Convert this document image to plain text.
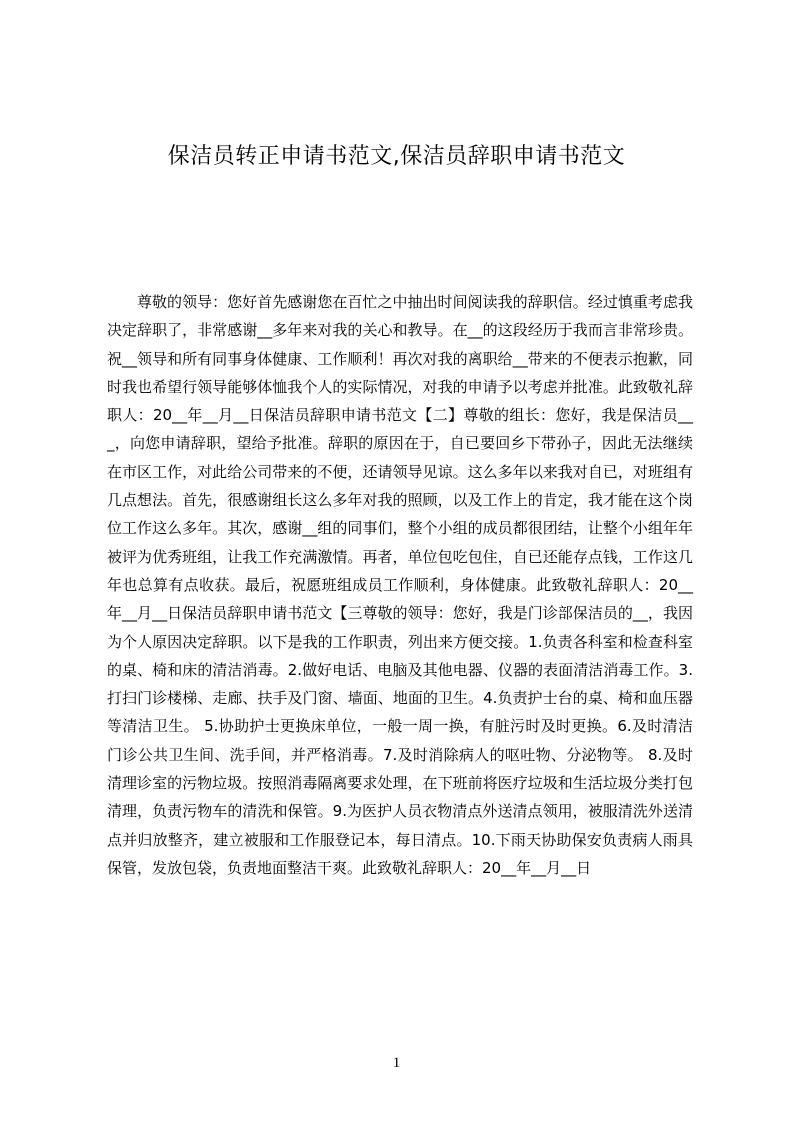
保洁员转正申请书范文,保洁员辞职申请书范文

尊敬的领导：您好首先感谢您在百忙之中抽出时间阅读我的辞职信。经过慎重考虑我决定辞职了，非常感谢__多年来对我的关心和教导。在__的这段经历于我而言非常珍贵。祝__领导和所有同事身体健康、工作顺利！再次对我的离职给__带来的不便表示抱歉，同时我也希望行领导能够体恤我个人的实际情况，对我的申请予以考虑并批准。此致敬礼辞职人：20__年__月__日保洁员辞职申请书范文【二】尊敬的组长：您好，我是保洁员___，向您申请辞职，望给予批准。辞职的原因在于，自已要回乡下带孙子，因此无法继续在市区工作，对此给公司带来的不便，还请领导见谅。这么多年以来我对自已，对班组有几点想法。首先，很感谢组长这么多年对我的照顾，以及工作上的肯定，我才能在这个岗位工作这么多年。其次，感谢__组的同事们，整个小组的成员都很团结，让整个小组年年被评为优秀班组，让我工作充满激情。再者，单位包吃包住，自已还能存点钱，工作这几年也总算有点收获。最后，祝愿班组成员工作顺利，身体健康。此致敬礼辞职人：20__年__月__日保洁员辞职申请书范文【三尊敬的领导：您好，我是门诊部保洁员的__，我因为个人原因决定辞职。以下是我的工作职责，列出来方便交接。1.负责各科室和检查科室的桌、椅和床的清洁消毒。2.做好电话、电脑及其他电器、仪器的表面清洁消毒工作。3.打扫门诊楼梯、走廊、扶手及门窗、墙面、地面的卫生。4.负责护士台的桌、椅和血压器等清洁卫生。 5.协助护士更换床单位，一般一周一换，有脏污时及时更换。6.及时清洁门诊公共卫生间、洗手间，并严格消毒。7.及时消除病人的呕吐物、分泌物等。 8.及时清理诊室的污物垃圾。按照消毒隔离要求处理，在下班前将医疗垃圾和生活垃圾分类打包清理，负责污物车的清洗和保管。9.为医护人员衣物清点外送清点领用，被服清洗外送清点并归放整齐，建立被服和工作服登记本，每日清点。10.下雨天协助保安负责病人雨具保管，发放包袋，负责地面整洁干爽。此致敬礼辞职人：20__年__月__日

1
